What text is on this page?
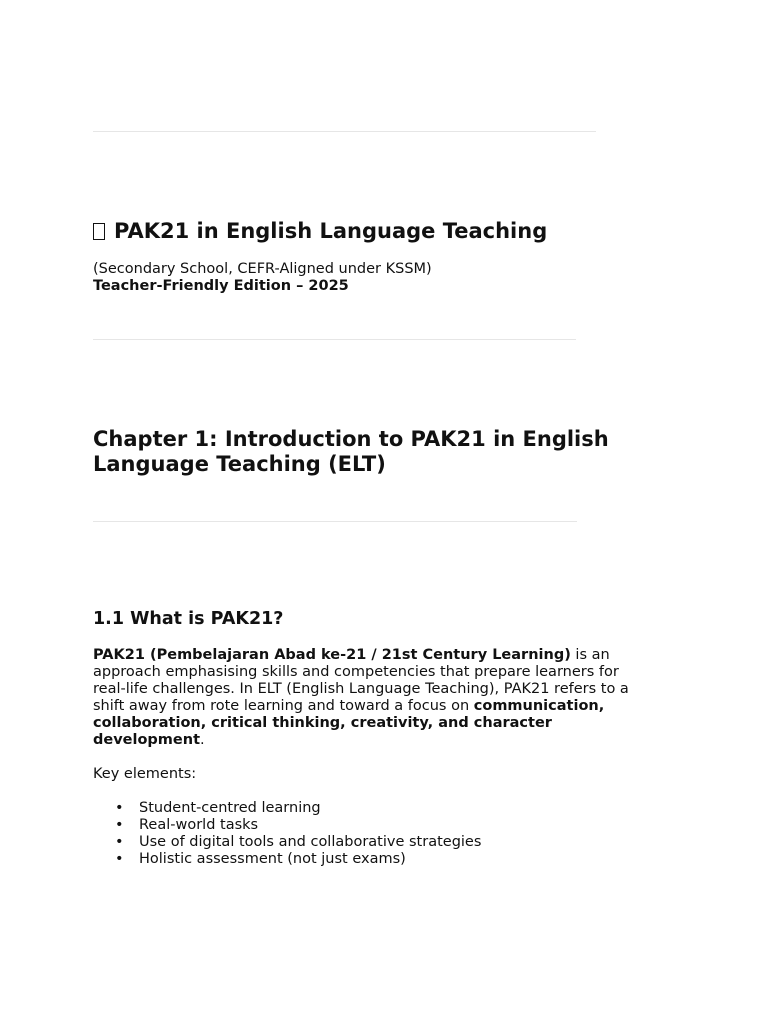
PAK21 in English Language Teaching
(Secondary School, CEFR-Aligned under KSSM)
Teacher-Friendly Edition – 2025
Chapter 1: Introduction to PAK21 in English Language Teaching (ELT)
1.1 What is PAK21?

PAK21 (Pembelajaran Abad ke-21 / 21st Century Learning) is an
approach emphasising skills and competencies that prepare learners for
real-life challenges. In ELT (English Language Teaching), PAK21 refers to a
shift away from rote learning and toward a focus on communication,
collaboration, critical thinking, creativity, and character
development.

Key elements:

• Student-centred learning
• Real-world tasks
• Use of digital tools and collaborative strategies
• Holistic assessment (not just exams)
